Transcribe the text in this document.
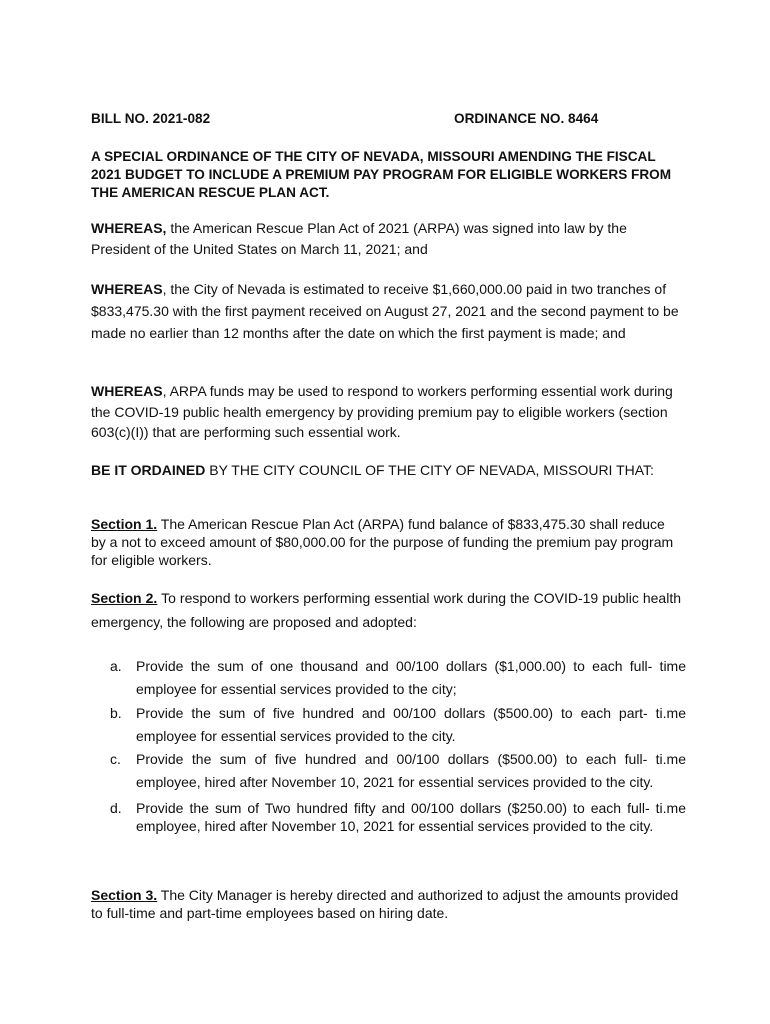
BILL NO. 2021-082	ORDINANCE NO. 8464
A SPECIAL ORDINANCE OF THE CITY OF NEVADA, MISSOURI AMENDING THE FISCAL 2021 BUDGET TO INCLUDE A PREMIUM PAY PROGRAM FOR ELIGIBLE WORKERS FROM THE AMERICAN RESCUE PLAN ACT.
WHEREAS, the American Rescue Plan Act of 2021 (ARPA) was signed into law by the President of the United States on March 11, 2021; and
WHEREAS, the City of Nevada is estimated to receive $1,660,000.00 paid in two tranches of $833,475.30 with the first payment received on August 27, 2021 and the second payment to be made no earlier than 12 months after the date on which the first payment is made; and
WHEREAS, ARPA funds may be used to respond to workers performing essential work during the COVID-19 public health emergency by providing premium pay to eligible workers (section 603(c)(I)) that are performing such essential work.
BE IT ORDAINED BY THE CITY COUNCIL OF THE CITY OF NEVADA, MISSOURI THAT:
Section 1. The American Rescue Plan Act (ARPA) fund balance of $833,475.30 shall reduce by a not to exceed amount of $80,000.00 for the purpose of funding the premium pay program for eligible workers.
Section 2. To respond to workers performing essential work during the COVID-19 public health emergency, the following are proposed and adopted:
a. Provide the sum of one thousand and 00/100 dollars ($1,000.00) to each full- time employee for essential services provided to the city;
b. Provide the sum of five hundred and 00/100 dollars ($500.00) to each part- ti.me employee for essential services provided to the city.
c. Provide the sum of five hundred and 00/100 dollars ($500.00) to each full- ti.me employee, hired after November 10, 2021 for essential services provided to the city.
d. Provide the sum of Two hundred fifty and 00/100 dollars ($250.00) to each full- ti.me employee, hired after November 10, 2021 for essential services provided to the city.
Section 3. The City Manager is hereby directed and authorized to adjust the amounts provided to full-time and part-time employees based on hiring date.
